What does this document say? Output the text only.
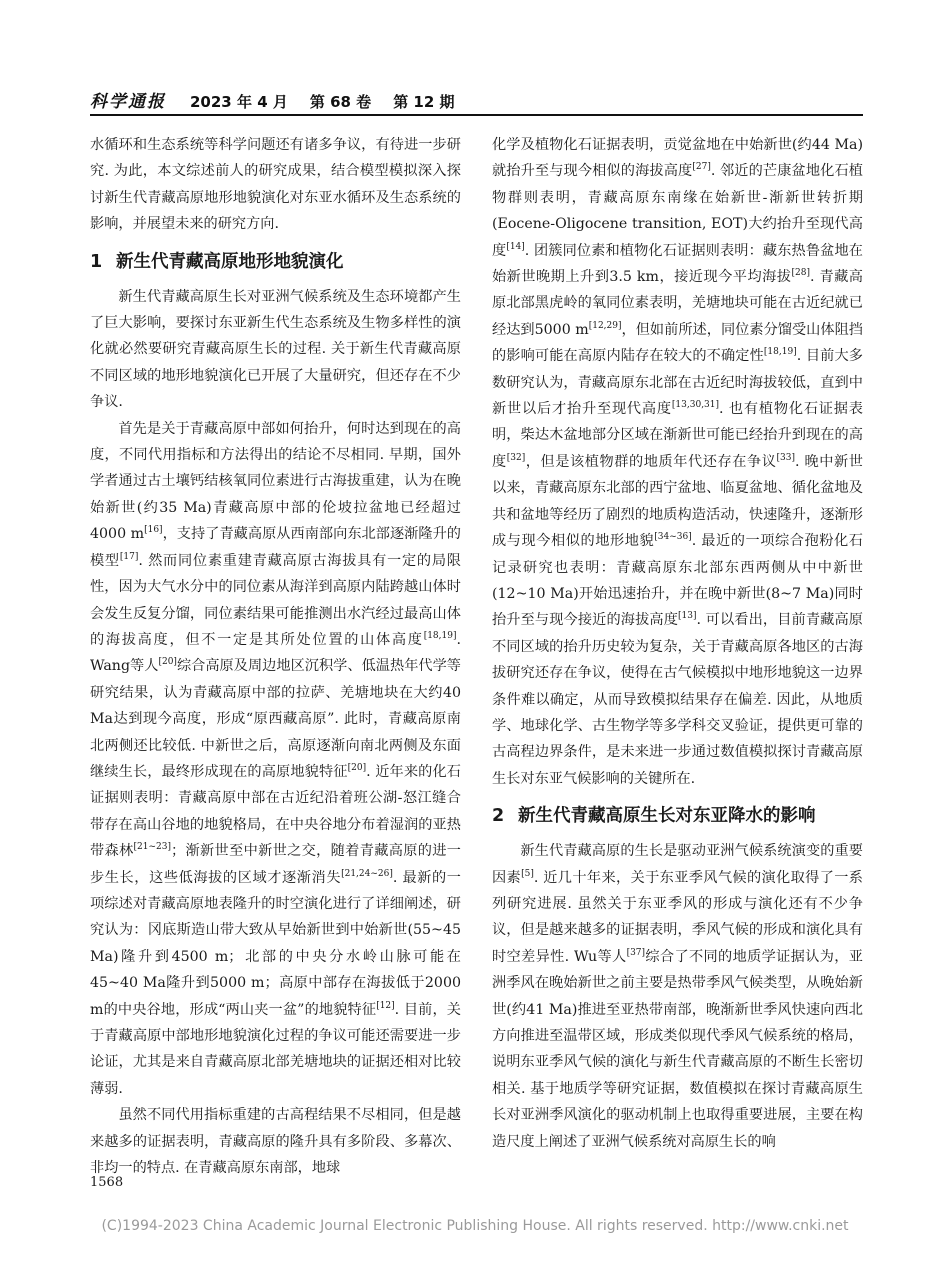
科学通报 2023 年 4 月 第 68 卷 第 12 期

水循环和生态系统等科学问题还有诸多争议，有待进一步研究. 为此，本文综述前人的研究成果，结合模型模拟深入探讨新生代青藏高原地形地貌演化对东亚水循环及生态系统的影响，并展望未来的研究方向.

1 新生代青藏高原地形地貌演化

新生代青藏高原生长对亚洲气候系统及生态环境都产生了巨大影响，要探讨东亚新生代生态系统及生物多样性的演化就必然要研究青藏高原生长的过程. 关于新生代青藏高原不同区域的地形地貌演化已开展了大量研究，但还存在不少争议.

首先是关于青藏高原中部如何抬升，何时达到现在的高度，不同代用指标和方法得出的结论不尽相同. 早期，国外学者通过古土壤钙结核氧同位素进行古海拔重建，认为在晚始新世(约35 Ma)青藏高原中部的伦坡拉盆地已经超过4000 m[16]，支持了青藏高原从西南部向东北部逐渐隆升的模型[17]. 然而同位素重建青藏高原古海拔具有一定的局限性，因为大气水分中的同位素从海洋到高原内陆跨越山体时会发生反复分馏，同位素结果可能推测出水汽经过最高山体的海拔高度，但不一定是其所处位置的山体高度[18,19]. Wang等人[20]综合高原及周边地区沉积学、低温热年代学等研究结果，认为青藏高原中部的拉萨、羌塘地块在大约40 Ma达到现今高度，形成“原西藏高原”. 此时，青藏高原南北两侧还比较低. 中新世之后，高原逐渐向南北两侧及东面继续生长，最终形成现在的高原地貌特征[20]. 近年来的化石证据则表明：青藏高原中部在古近纪沿着班公湖-怒江缝合带存在高山谷地的地貌格局，在中央谷地分布着湿润的亚热带森林[21~23]；渐新世至中新世之交，随着青藏高原的进一步生长，这些低海拔的区域才逐渐消失[21,24~26]. 最新的一项综述对青藏高原地表隆升的时空演化进行了详细阐述，研究认为：冈底斯造山带大致从早始新世到中始新世(55~45 Ma)隆升到4500 m；北部的中央分水岭山脉可能在45~40 Ma隆升到5000 m；高原中部存在海拔低于2000 m的中央谷地，形成“两山夹一盆”的地貌特征[12]. 目前，关于青藏高原中部地形地貌演化过程的争议可能还需要进一步论证，尤其是来自青藏高原北部羌塘地块的证据还相对比较薄弱.

虽然不同代用指标重建的古高程结果不尽相同，但是越来越多的证据表明，青藏高原的隆升具有多阶段、多幕次、非均一的特点. 在青藏高原东南部，地球

化学及植物化石证据表明，贡觉盆地在中始新世(约44 Ma)就抬升至与现今相似的海拔高度[27]. 邻近的芒康盆地化石植物群则表明，青藏高原东南缘在始新世-渐新世转折期(Eocene-Oligocene transition, EOT)大约抬升至现代高度[14]. 团簇同位素和植物化石证据则表明：藏东热鲁盆地在始新世晚期上升到3.5 km，接近现今平均海拔[28]. 青藏高原北部黑虎岭的氧同位素表明，羌塘地块可能在古近纪就已经达到5000 m[12,29]，但如前所述，同位素分馏受山体阻挡的影响可能在高原内陆存在较大的不确定性[18,19]. 目前大多数研究认为，青藏高原东北部在古近纪时海拔较低，直到中新世以后才抬升至现代高度[13,30,31]. 也有植物化石证据表明，柴达木盆地部分区域在渐新世可能已经抬升到现在的高度[32]，但是该植物群的地质年代还存在争议[33]. 晚中新世以来，青藏高原东北部的西宁盆地、临夏盆地、循化盆地及共和盆地等经历了剧烈的地质构造活动，快速隆升，逐渐形成与现今相似的地形地貌[34~36]. 最近的一项综合孢粉化石记录研究也表明：青藏高原东北部东西两侧从中中新世(12~10 Ma)开始迅速抬升，并在晚中新世(8~7 Ma)同时抬升至与现今接近的海拔高度[13]. 可以看出，目前青藏高原不同区域的抬升历史较为复杂，关于青藏高原各地区的古海拔研究还存在争议，使得在古气候模拟中地形地貌这一边界条件难以确定，从而导致模拟结果存在偏差. 因此，从地质学、地球化学、古生物学等多学科交叉验证，提供更可靠的古高程边界条件，是未来进一步通过数值模拟探讨青藏高原生长对东亚气候影响的关键所在.

2 新生代青藏高原生长对东亚降水的影响

新生代青藏高原的生长是驱动亚洲气候系统演变的重要因素[5]. 近几十年来，关于东亚季风气候的演化取得了一系列研究进展. 虽然关于东亚季风的形成与演化还有不少争议，但是越来越多的证据表明，季风气候的形成和演化具有时空差异性. Wu等人[37]综合了不同的地质学证据认为，亚洲季风在晚始新世之前主要是热带季风气候类型，从晚始新世(约41 Ma)推进至亚热带南部，晚渐新世季风快速向西北方向推进至温带区域，形成类似现代季风气候系统的格局，说明东亚季风气候的演化与新生代青藏高原的不断生长密切相关. 基于地质学等研究证据，数值模拟在探讨青藏高原生长对亚洲季风演化的驱动机制上也取得重要进展，主要在构造尺度上阐述了亚洲气候系统对高原生长的响

1568
(C)1994-2023 China Academic Journal Electronic Publishing House. All rights reserved. http://www.cnki.net
